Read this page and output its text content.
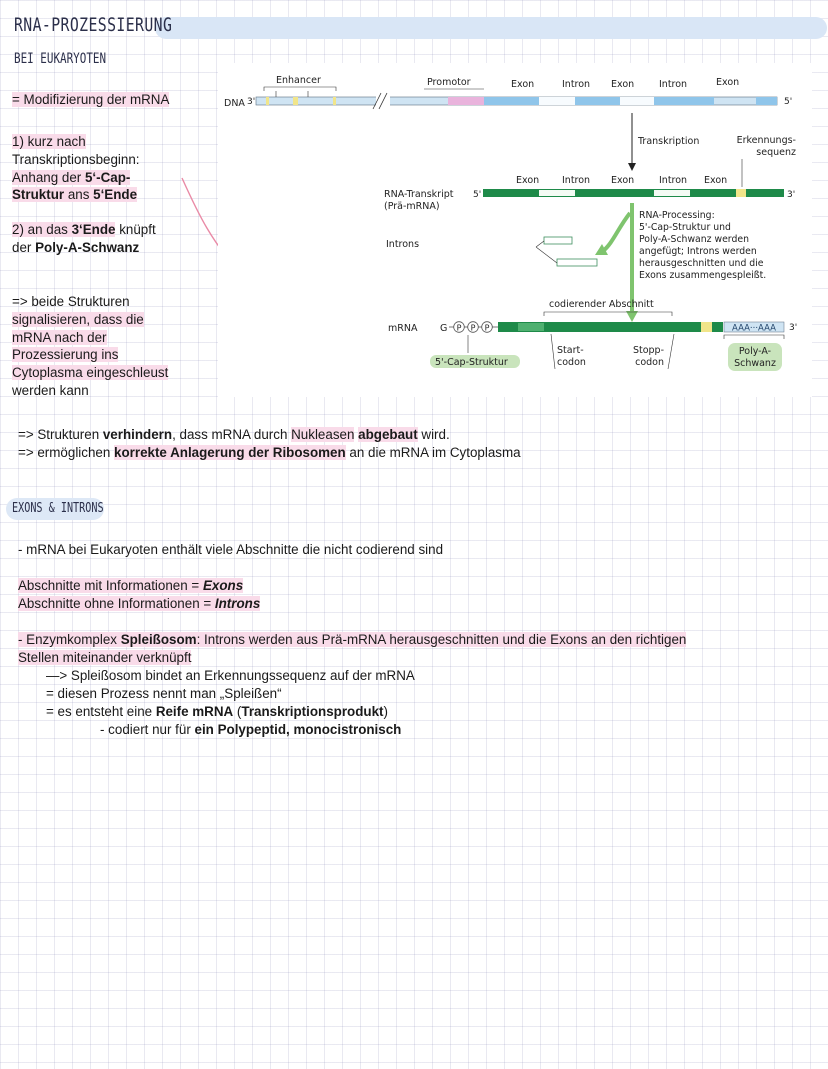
RNA-PROZESSIERUNG
BEI EUKARYOTEN
= Modifizierung der mRNA
1) kurz nach
Transkriptionsbeginn:
Anhang der 5‘-Cap-
Struktur ans 5‘Ende
2) an das 3‘Ende knüpft
der Poly-A-Schwanz
=> beide Strukturen
signalisieren, dass die
mRNA nach der
Prozessierung ins
Cytoplasma eingeschleust
werden kann
DNA 3'	5'
Enhancer	Promotor	Exon	Intron Exon	Intron	Exon
Transkription	Erkennungs-
sequenz
Exon Intron Exon	Intron Exon
RNA-Transkript 5'
(Prä-mRNA)
3'
Introns
RNA-Processing:
5'-Cap-Struktur und
Poly-A-Schwanz werden
angefügt; Introns werden
herausgeschnitten und die
Exons zusammengespleißt.
codierender Abschnitt
mRNA G P P P	AAA···AAA 3'
5'-Cap-Struktur
Start-
codon
Stopp-
codon
Poly-A-
Schwanz
=> Strukturen verhindern, dass mRNA durch Nukleasen abgebaut wird.
=> ermöglichen korrekte Anlagerung der Ribosomen an die mRNA im Cytoplasma
EXONS & INTRONS
- mRNA bei Eukaryoten enthält viele Abschnitte die nicht codierend sind
Abschnitte mit Informationen = Exons
Abschnitte ohne Informationen = Introns
- Enzymkomplex Spleißosom: Introns werden aus Prä-mRNA herausgeschnitten und die Exons an den richtigen
Stellen miteinander verknüpft
—> Spleißosom bindet an Erkennungssequenz auf der mRNA
= diesen Prozess nennt man „Spleißen“
= es entsteht eine Reife mRNA (Transkriptionsprodukt)
- codiert nur für ein Polypeptid, monocistronisch
